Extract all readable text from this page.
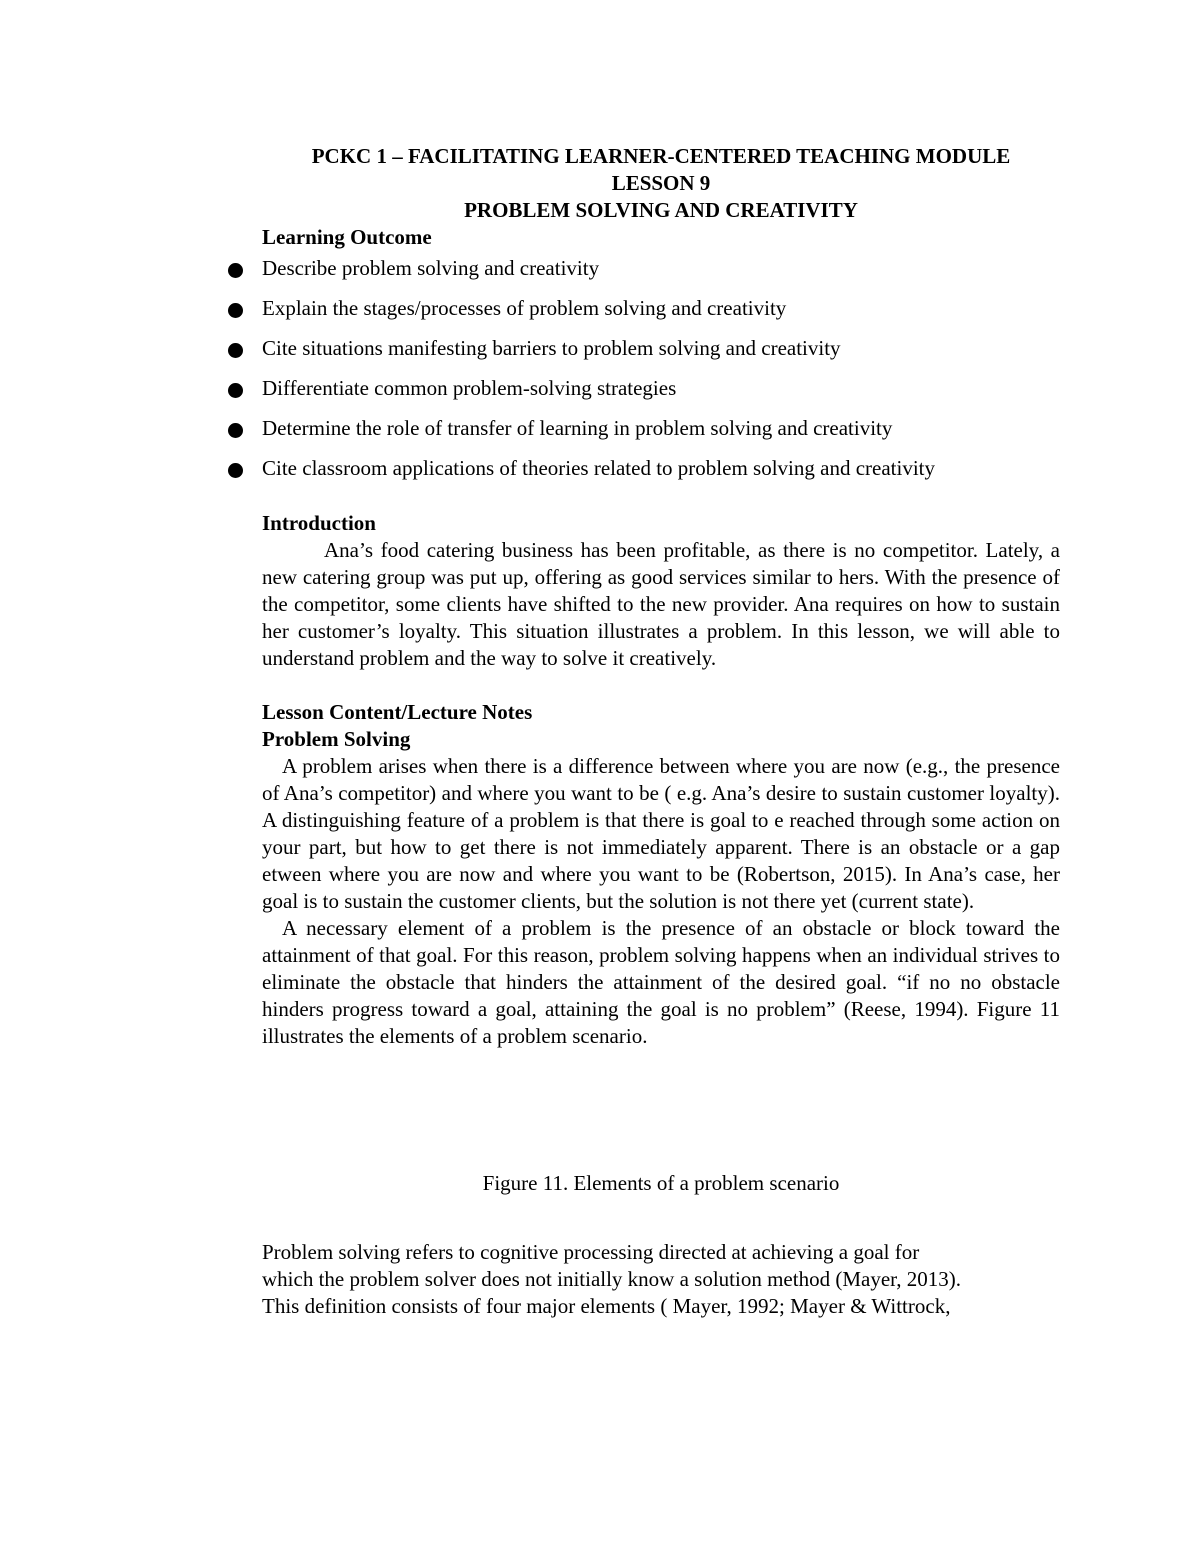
PCKC 1 – FACILITATING LEARNER-CENTERED TEACHING MODULE

LESSON 9

PROBLEM SOLVING AND CREATIVITY

Learning Outcome

Describe problem solving and creativity
Explain the stages/processes of problem solving and creativity
Cite situations manifesting barriers to problem solving and creativity
Differentiate common problem-solving strategies
Determine the role of transfer of learning in problem solving and creativity
Cite classroom applications of theories related to problem solving and creativity

Introduction

Ana’s food catering business has been profitable, as there is no competitor. Lately, a new catering group was put up, offering as good services similar to hers. With the presence of the competitor, some clients have shifted to the new provider. Ana requires on how to sustain her customer’s loyalty. This situation illustrates a problem. In this lesson, we will able to understand problem and the way to solve it creatively.

Lesson Content/Lecture Notes

Problem Solving

A problem arises when there is a difference between where you are now (e.g., the presence of Ana’s competitor) and where you want to be ( e.g. Ana’s desire to sustain customer loyalty). A distinguishing feature of a problem is that there is goal to e reached through some action on your part, but how to get there is not immediately apparent. There is an obstacle or a gap etween where you are now and where you want to be (Robertson, 2015). In Ana’s case, her goal is to sustain the customer clients, but the solution is not there yet (current state).

A necessary element of a problem is the presence of an obstacle or block toward the attainment of that goal. For this reason, problem solving happens when an individual strives to eliminate the obstacle that hinders the attainment of the desired goal. “if no no obstacle hinders progress toward a goal, attaining the goal is no problem” (Reese, 1994). Figure 11 illustrates the elements of a problem scenario.

Figure 11. Elements of a problem scenario

Problem solving refers to cognitive processing directed at achieving a goal for

which the problem solver does not initially know a solution method (Mayer, 2013).

This definition consists of four major elements ( Mayer, 1992; Mayer & Wittrock,
